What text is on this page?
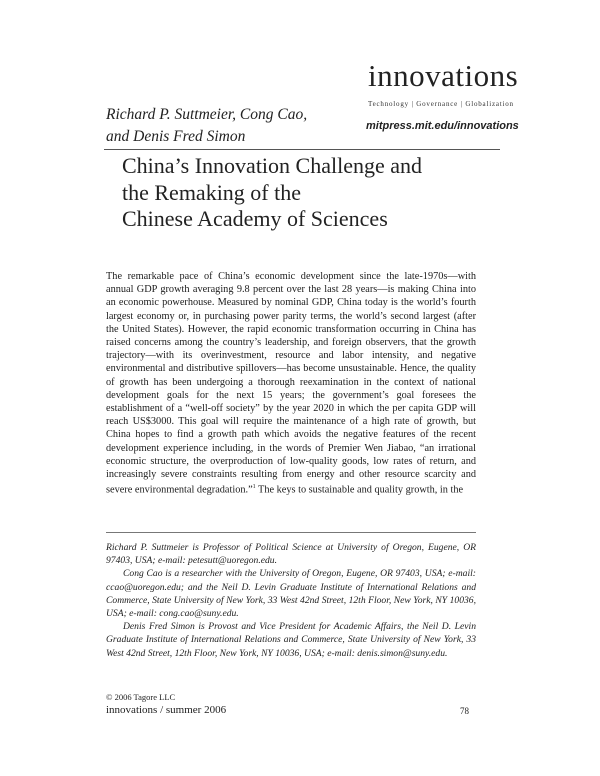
innovations
Technology | Governance | Globalization
mitpress.mit.edu/innovations
Richard P. Suttmeier, Cong Cao,
and Denis Fred Simon
China’s Innovation Challenge and
the Remaking of the
Chinese Academy of Sciences
The remarkable pace of China’s economic development since the late-1970s—with annual GDP growth averaging 9.8 percent over the last 28 years—is making China into an economic powerhouse. Measured by nominal GDP, China today is the world’s fourth largest economy or, in purchasing power parity terms, the world’s second largest (after the United States). However, the rapid economic transformation occurring in China has raised concerns among the country’s leadership, and foreign observers, that the growth trajectory—with its overinvestment, resource and labor intensity, and negative environmental and distributive spillovers—has become unsustainable. Hence, the quality of growth has been undergoing a thorough reexamination in the context of national development goals for the next 15 years; the government’s goal foresees the establishment of a “well-off society” by the year 2020 in which the per capita GDP will reach US$3000. This goal will require the maintenance of a high rate of growth, but China hopes to find a growth path which avoids the negative features of the recent development experience including, in the words of Premier Wen Jiabao, “an irrational economic structure, the overproduction of low-quality goods, low rates of return, and increasingly severe constraints resulting from energy and other resource scarcity and severe environmental degradation.”$^1$ The keys to sustainable and quality growth, in the

Richard P. Suttmeier is Professor of Political Science at University of Oregon, Eugene, OR 97403, USA; e-mail: petesutt@uoregon.edu.

Cong Cao is a researcher with the University of Oregon, Eugene, OR 97403, USA; e-mail: ccao@uoregon.edu; and the Neil D. Levin Graduate Institute of International Relations and Commerce, State University of New York, 33 West 42nd Street, 12th Floor, New York, NY 10036, USA; e-mail: cong.cao@suny.edu.

Denis Fred Simon is Provost and Vice President for Academic Affairs, the Neil D. Levin Graduate Institute of International Relations and Commerce, State University of New York, 33 West 42nd Street, 12th Floor, New York, NY 10036, USA; e-mail: denis.simon@suny.edu.

© 2006 Tagore LLC
innovations / summer 2006	78
